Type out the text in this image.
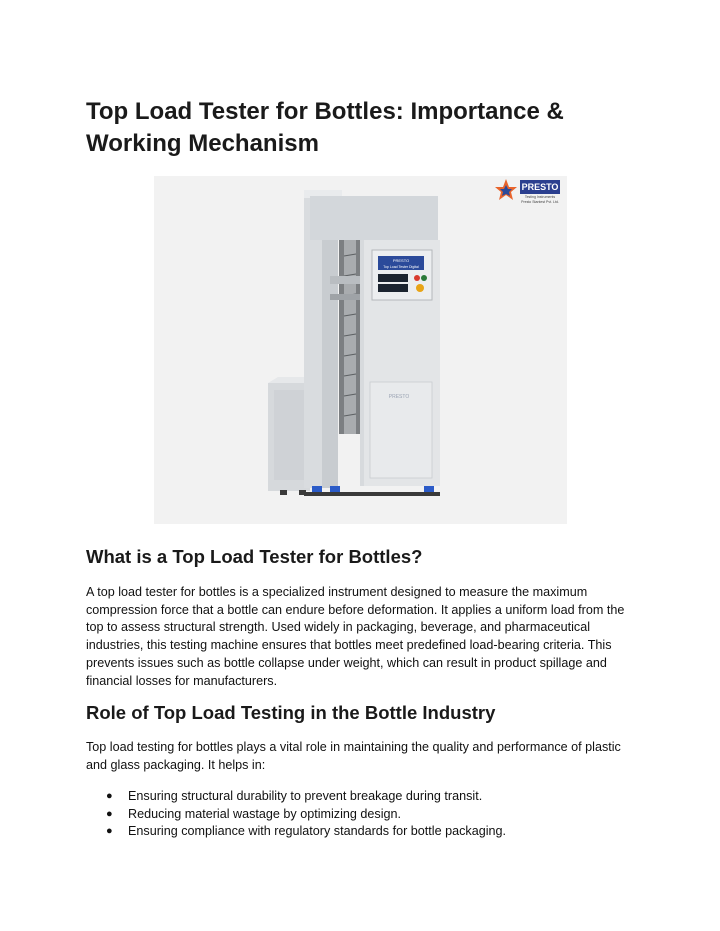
Top Load Tester for Bottles: Importance & Working Mechanism
PRESTO
Testing Instruments
Presto Stantest Pvt. Ltd.
PRESTO
Top Load Tester Digital
PRESTO
What is a Top Load Tester for Bottles?

A top load tester for bottles is a specialized instrument designed to measure the maximum compression force that a bottle can endure before deformation. It applies a uniform load from the top to assess structural strength. Used widely in packaging, beverage, and pharmaceutical industries, this testing machine ensures that bottles meet predefined load-bearing criteria. This prevents issues such as bottle collapse under weight, which can result in product spillage and financial losses for manufacturers.

Role of Top Load Testing in the Bottle Industry

Top load testing for bottles plays a vital role in maintaining the quality and performance of plastic and glass packaging. It helps in:

● Ensuring structural durability to prevent breakage during transit.
● Reducing material wastage by optimizing design.
● Ensuring compliance with regulatory standards for bottle packaging.
